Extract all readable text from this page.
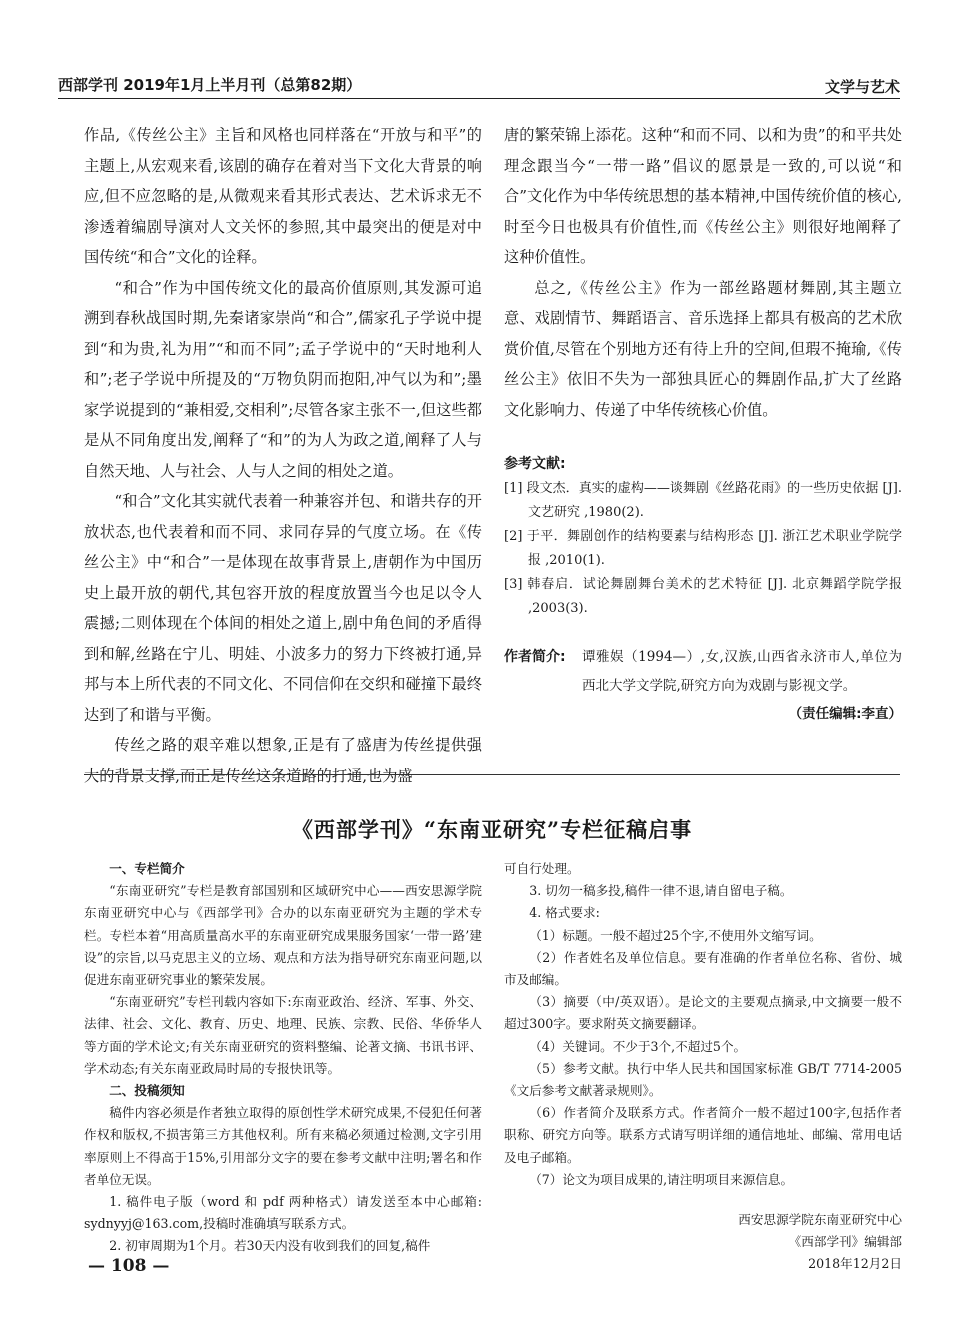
西部学刊 2019年1月上半月刊（总第82期）	文学与艺术

作品,《传丝公主》主旨和风格也同样落在“开放与和平”的主题上,从宏观来看,该剧的确存在着对当下文化大背景的响应,但不应忽略的是,从微观来看其形式表达、艺术诉求无不渗透着编剧导演对人文关怀的参照,其中最突出的便是对中国传统“和合”文化的诠释。

“和合”作为中国传统文化的最高价值原则,其发源可追溯到春秋战国时期,先秦诸家崇尚“和合”,儒家孔子学说中提到“和为贵,礼为用”“和而不同”;孟子学说中的“天时地利人和”;老子学说中所提及的“万物负阴而抱阳,冲气以为和”;墨家学说提到的“兼相爱,交相利”;尽管各家主张不一,但这些都是从不同角度出发,阐释了“和”的为人为政之道,阐释了人与自然天地、人与社会、人与人之间的相处之道。

“和合”文化其实就代表着一种兼容并包、和谐共存的开放状态,也代表着和而不同、求同存异的气度立场。在《传丝公主》中“和合”一是体现在故事背景上,唐朝作为中国历史上最开放的朝代,其包容开放的程度放置当今也足以令人震撼;二则体现在个体间的相处之道上,剧中角色间的矛盾得到和解,丝路在宁儿、明娃、小波多力的努力下终被打通,异邦与本上所代表的不同文化、不同信仰在交织和碰撞下最终达到了和谐与平衡。

传丝之路的艰辛难以想象,正是有了盛唐为传丝提供强大的背景支撑,而正是传丝这条道路的打通,也为盛

唐的繁荣锦上添花。这种“和而不同、以和为贵”的和平共处理念跟当今“一带一路”倡议的愿景是一致的,可以说“和合”文化作为中华传统思想的基本精神,中国传统价值的核心,时至今日也极具有价值性,而《传丝公主》则很好地阐释了这种价值性。

总之,《传丝公主》作为一部丝路题材舞剧,其主题立意、戏剧情节、舞蹈语言、音乐选择上都具有极高的艺术欣赏价值,尽管在个别地方还有待上升的空间,但瑕不掩瑜,《传丝公主》依旧不失为一部独具匠心的舞剧作品,扩大了丝路文化影响力、传递了中华传统核心价值。

参考文献:
[1] 段文杰．真实的虚构——谈舞剧《丝路花雨》的一些历史依据 [J]. 文艺研究 ,1980(2).
[2] 于平．舞剧创作的结构要素与结构形态 [J]. 浙江艺术职业学院学报 ,2010(1).
[3] 韩春启．试论舞剧舞台美术的艺术特征 [J]. 北京舞蹈学院学报 ,2003(3).
作者简介: 谭雅娱（1994—）,女,汉族,山西省永济市人,单位为西北大学文学院,研究方向为戏剧与影视文学。
（责任编辑:李直）
《西部学刊》“东南亚研究”专栏征稿启事

一、专栏简介

“东南亚研究”专栏是教育部国别和区域研究中心——西安思源学院东南亚研究中心与《西部学刊》合办的以东南亚研究为主题的学术专栏。专栏本着“用高质量高水平的东南亚研究成果服务国家‘一带一路’建设”的宗旨,以马克思主义的立场、观点和方法为指导研究东南亚问题,以促进东南亚研究事业的繁荣发展。

“东南亚研究”专栏刊载内容如下:东南亚政治、经济、军事、外交、法律、社会、文化、教育、历史、地理、民族、宗教、民俗、华侨华人等方面的学术论文;有关东南亚研究的资料整编、论著文摘、书讯书评、学术动态;有关东南亚政局时局的专报快讯等。

二、投稿须知

稿件内容必须是作者独立取得的原创性学术研究成果,不侵犯任何著作权和版权,不损害第三方其他权利。所有来稿必须通过检测,文字引用率原则上不得高于15%,引用部分文字的要在参考文献中注明;署名和作者单位无误。

1. 稿件电子版（word 和 pdf 两种格式）请发送至本中心邮箱: sydnyyj@163.com,投稿时准确填写联系方式。

2. 初审周期为1个月。若30天内没有收到我们的回复,稿件

可自行处理。

3. 切勿一稿多投,稿件一律不退,请自留电子稿。

4. 格式要求:

（1）标题。一般不超过25个字,不使用外文缩写词。

（2）作者姓名及单位信息。要有准确的作者单位名称、省份、城市及邮编。

（3）摘要（中/英双语）。是论文的主要观点摘录,中文摘要一般不超过300字。要求附英文摘要翻译。

（4）关键词。不少于3个,不超过5个。

（5）参考文献。执行中华人民共和国国家标准 GB/T 7714-2005《文后参考文献著录规则》。

（6）作者简介及联系方式。作者简介一般不超过100字,包括作者职称、研究方向等。联系方式请写明详细的通信地址、邮编、常用电话及电子邮箱。

（7）论文为项目成果的,请注明项目来源信息。

西安思源学院东南亚研究中心
《西部学刊》编辑部
2018年12月2日
— 108 —
